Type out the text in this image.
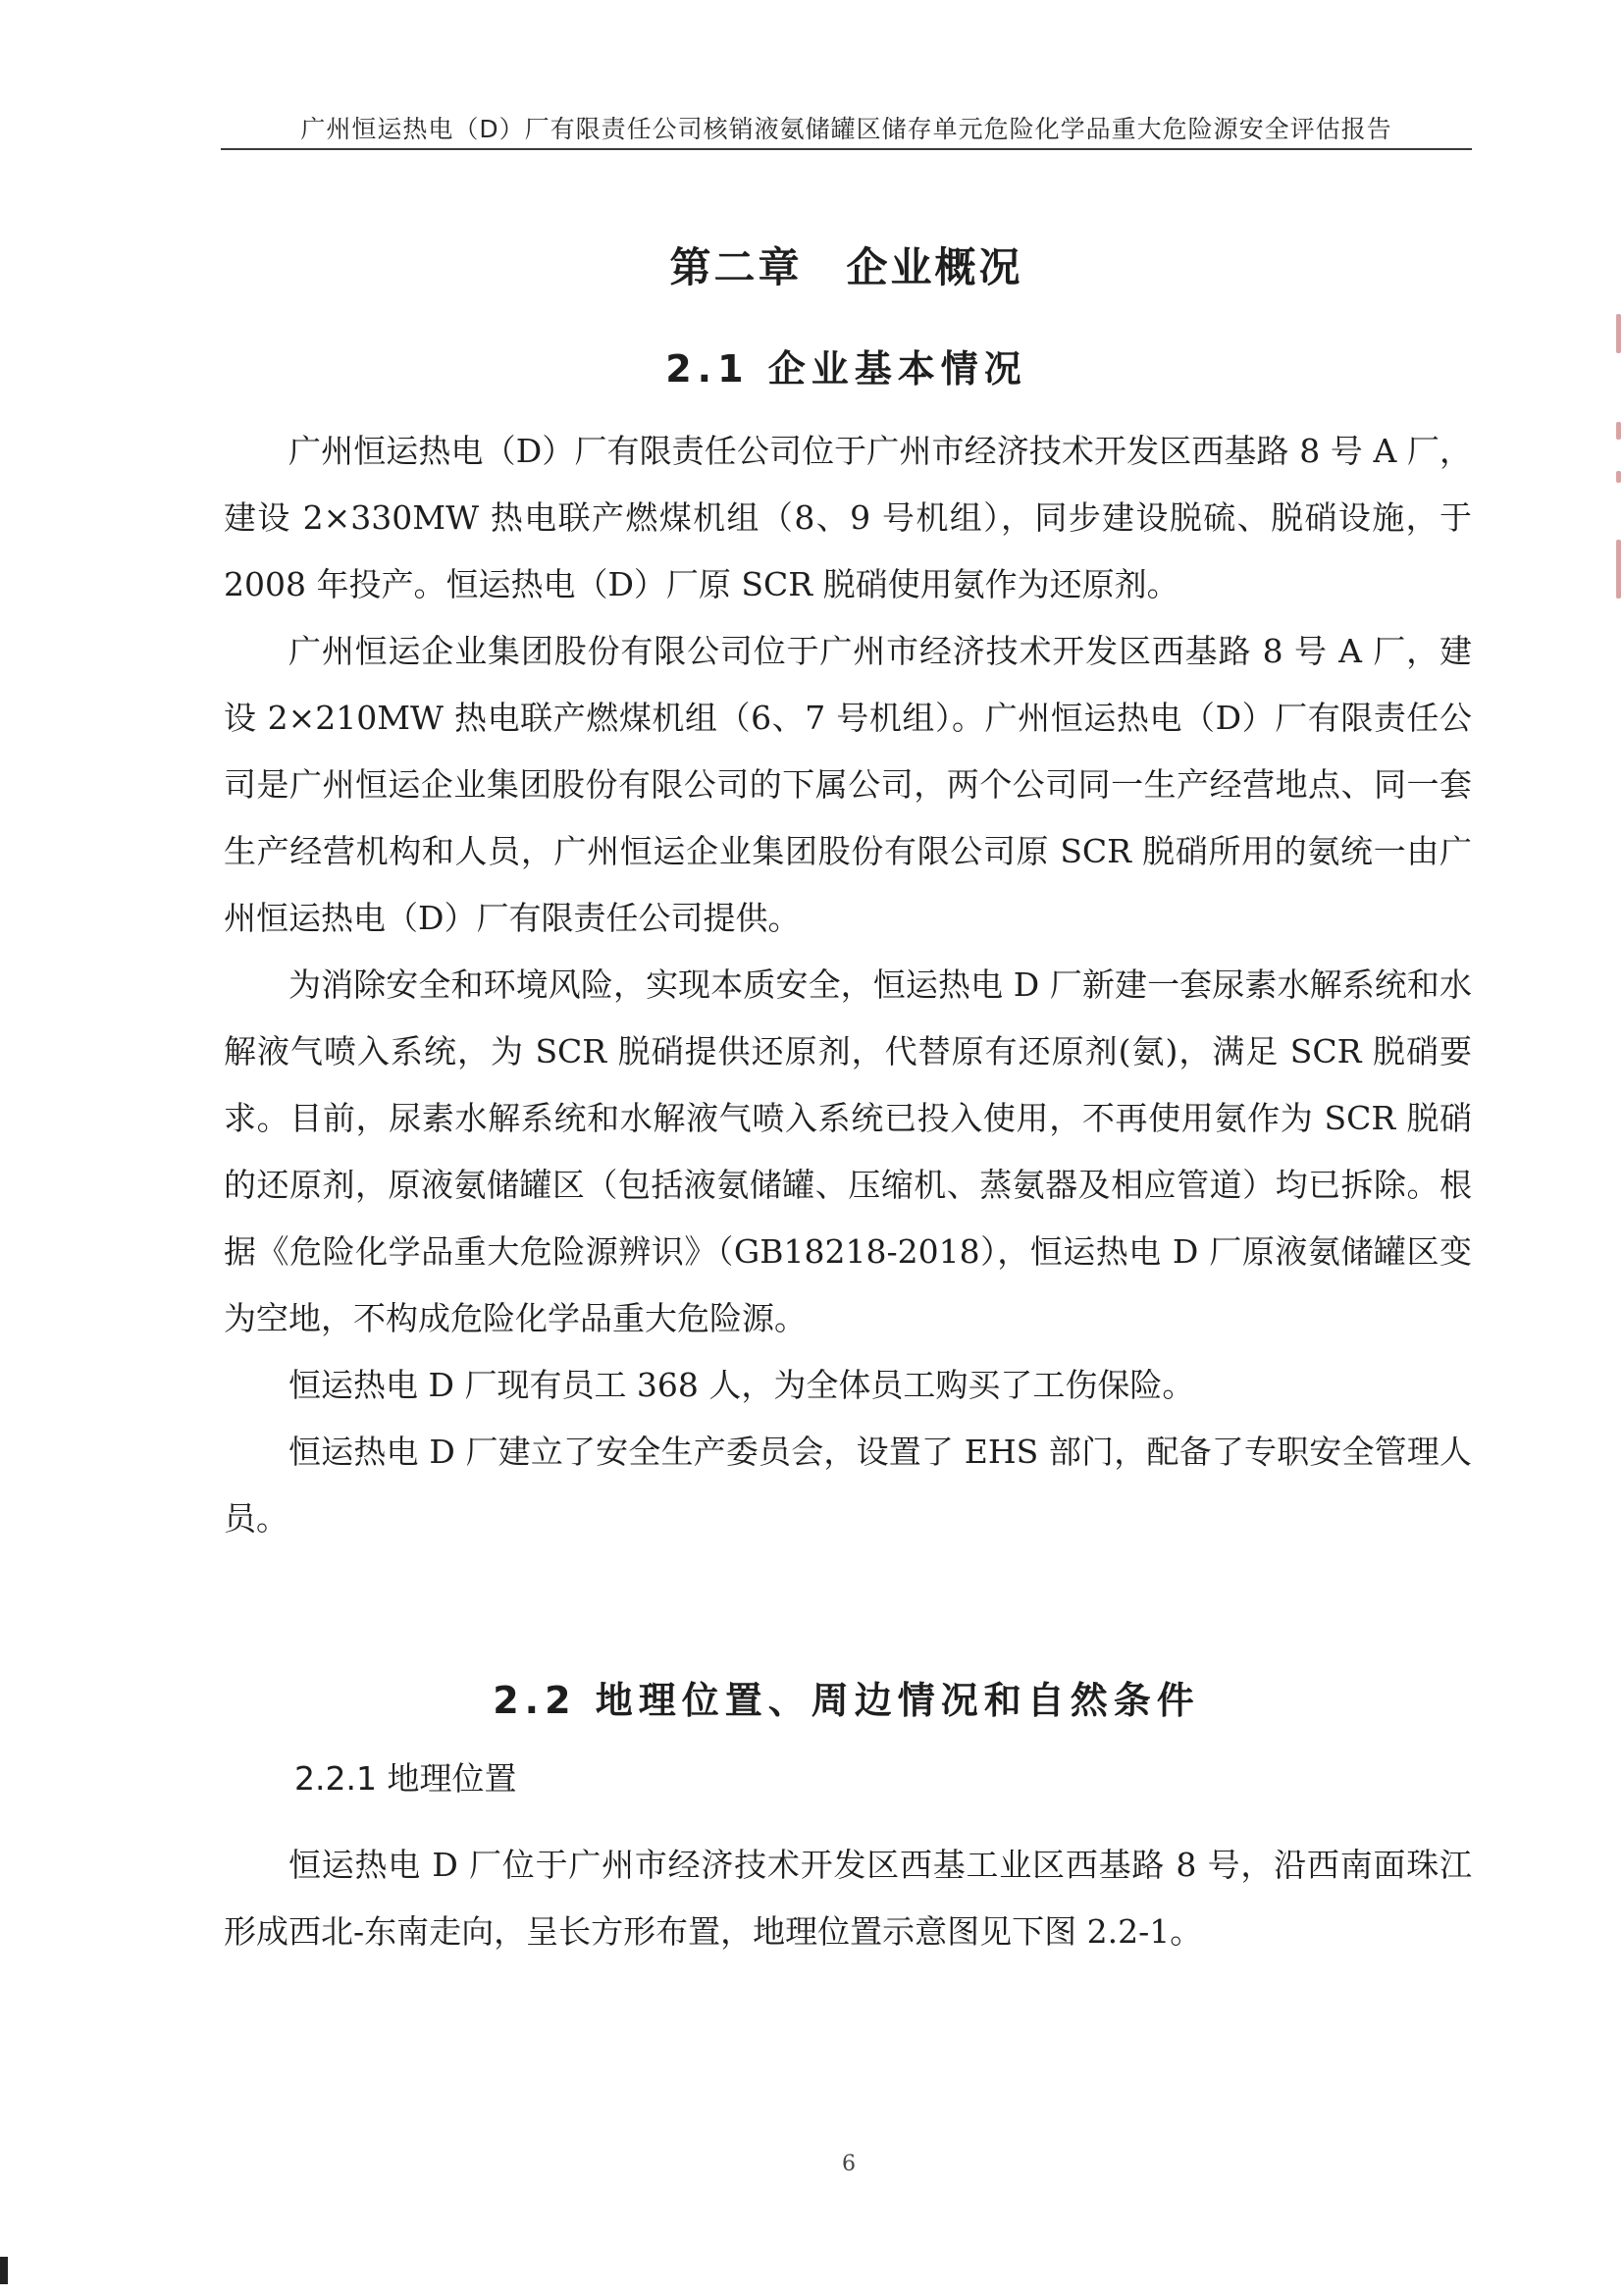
广州恒运热电（D）厂有限责任公司核销液氨储罐区储存单元危险化学品重大危险源安全评估报告
第二章　企业概况
2.1 企业基本情况

广州恒运热电（D）厂有限责任公司位于广州市经济技术开发区西基路 8 号 A 厂，建设 2×330MW 热电联产燃煤机组（8、9 号机组），同步建设脱硫、脱硝设施，于 2008 年投产。恒运热电（D）厂原 SCR 脱硝使用氨作为还原剂。

广州恒运企业集团股份有限公司位于广州市经济技术开发区西基路 8 号 A 厂，建设 2×210MW 热电联产燃煤机组（6、7 号机组）。广州恒运热电（D）厂有限责任公司是广州恒运企业集团股份有限公司的下属公司，两个公司同一生产经营地点、同一套生产经营机构和人员，广州恒运企业集团股份有限公司原 SCR 脱硝所用的氨统一由广州恒运热电（D）厂有限责任公司提供。

为消除安全和环境风险，实现本质安全，恒运热电 D 厂新建一套尿素水解系统和水解液气喷入系统，为 SCR 脱硝提供还原剂，代替原有还原剂(氨)，满足 SCR 脱硝要求。目前，尿素水解系统和水解液气喷入系统已投入使用，不再使用氨作为 SCR 脱硝的还原剂，原液氨储罐区（包括液氨储罐、压缩机、蒸氨器及相应管道）均已拆除。根据《危险化学品重大危险源辨识》（GB18218-2018），恒运热电 D 厂原液氨储罐区变为空地，不构成危险化学品重大危险源。

恒运热电 D 厂现有员工 368 人，为全体员工购买了工伤保险。

恒运热电 D 厂建立了安全生产委员会，设置了 EHS 部门，配备了专职安全管理人员。

2.2 地理位置、周边情况和自然条件
2.2.1 地理位置

恒运热电 D 厂位于广州市经济技术开发区西基工业区西基路 8 号，沿西南面珠江形成西北-东南走向，呈长方形布置，地理位置示意图见下图 2.2-1。

6
